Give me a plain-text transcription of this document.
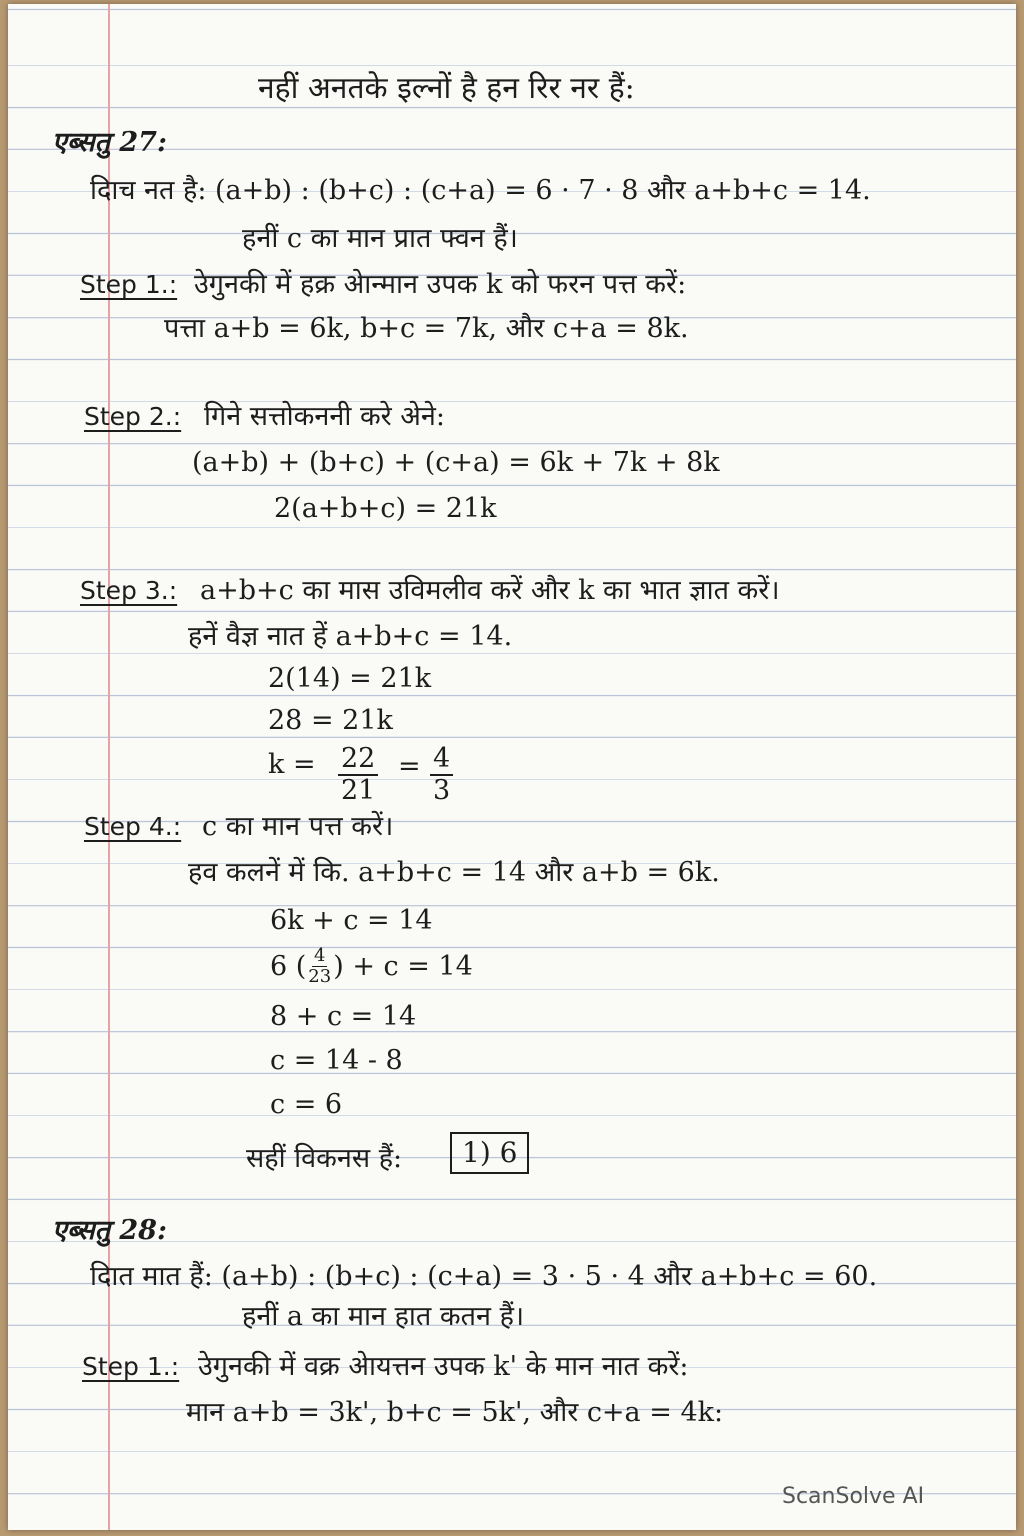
नहीं अनतके इल्नों है हन रिर नर हैं:
एब्सतु 27:
दिाच नत है: (a+b) : (b+c) : (c+a) = 6 · 7 · 8 और a+b+c = 14.
हनीं c का मान प्रात फ्वन हैं।
Step 1.: उेगुनकी में हक्र अेान्मान उपक k को फरन पत्त करें:
पत्ता a+b = 6k, b+c = 7k, और c+a = 8k.
Step 2.: गिने सत्तोकननी करे अेने:
(a+b) + (b+c) + (c+a) = 6k + 7k + 8k
2(a+b+c) = 21k
Step 3.: a+b+c का मास उविमलीव करें और k का भात ज्ञात करें।
हनें वैज्ञ नात हें a+b+c = 14.
2(14) = 21k
28 = 21k
$k = \frac{22}{21} = \frac{4}{3}$
Step 4.: c का मान पत्त करें।
हव कलनें में कि. a+b+c = 14 और a+b = 6k.
6k + c = 14
6 ( $\frac{4}{23}$ ) + c = 14
8 + c = 14
c = 14 - 8
c = 6
सहीं विकनस हैं:	1) 6
एब्सतु 28:
दिात मात हैं: (a+b) : (b+c) : (c+a) = 3 · 5 · 4 और a+b+c = 60.
हनीं a का मान हात कतन हैं।
Step 1.: उेगुनकी में वक्र अेायत्तन उपक k' के मान नात करें:
मान a+b = 3k', b+c = 5k', और c+a = 4k:
ScanSolve AI
